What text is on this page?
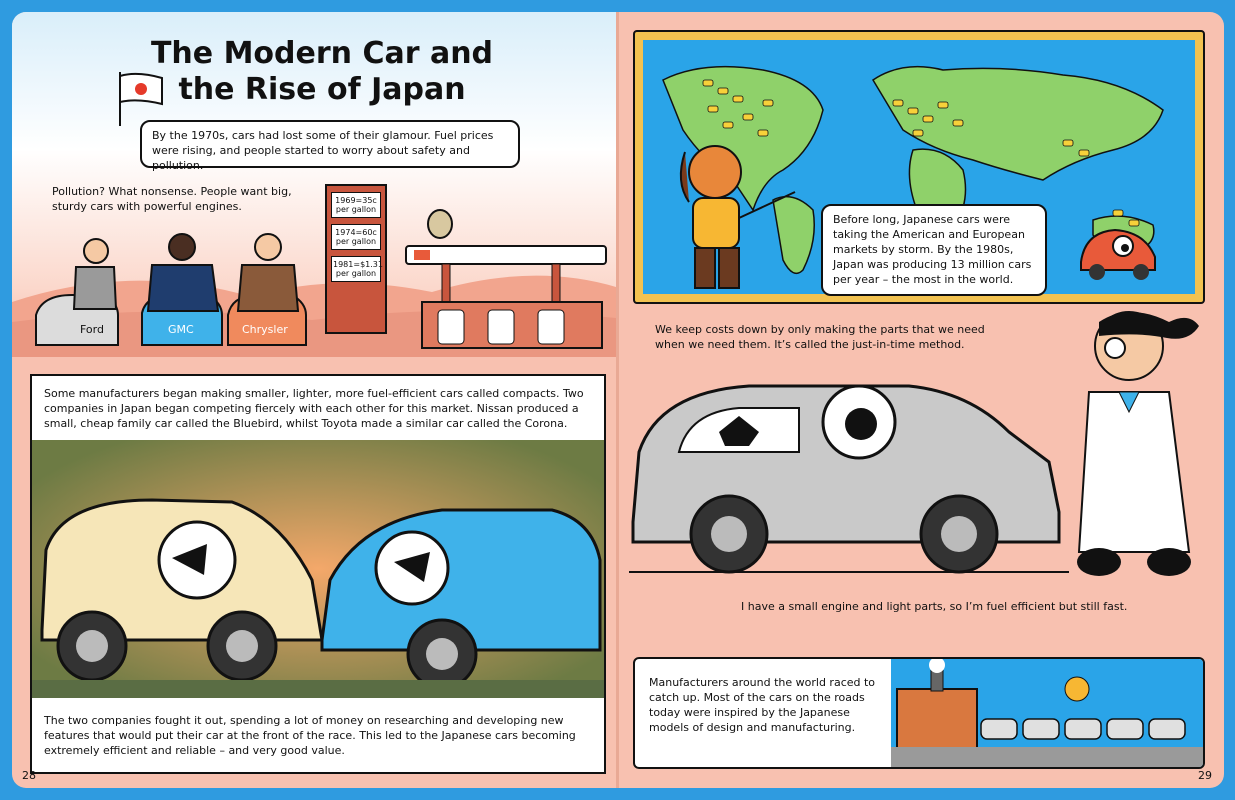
The Modern Car and the Rise of Japan
By the 1970s, cars had lost some of their glamour. Fuel prices were rising, and people started to worry about safety and pollution.
Pollution? What nonsense. People want big, sturdy cars with powerful engines.
Ford	GMC	Chrysler
1969=35c per gallon
1974=60c per gallon
1981=$1.31 per gallon
Some manufacturers began making smaller, lighter, more fuel-efficient cars called compacts. Two companies in Japan began competing fiercely with each other for this market. Nissan produced a small, cheap family car called the Bluebird, whilst Toyota made a similar car called the Corona.
The two companies fought it out, spending a lot of money on researching and developing new features that would put their car at the front of the race. This led to the Japanese cars becoming extremely efficient and reliable – and very good value.
28
Before long, Japanese cars were taking the American and European markets by storm. By the 1980s, Japan was producing 13 million cars per year – the most in the world.
We keep costs down by only making the parts that we need when we need them. It’s called the just-in-time method.
I have a small engine and light parts, so I’m fuel efficient but still fast.
Manufacturers around the world raced to catch up. Most of the cars on the roads today were inspired by the Japanese models of design and manufacturing.
29
